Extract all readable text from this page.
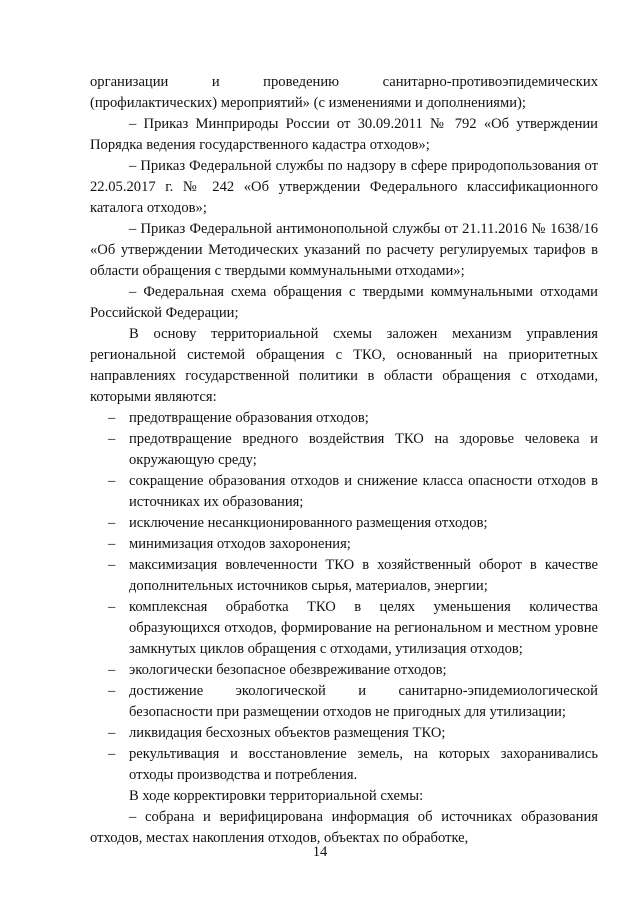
организации и проведению санитарно-противоэпидемических (профилактических) мероприятий» (с изменениями и дополнениями);
– Приказ Минприроды России от 30.09.2011 № 792 «Об утверждении Порядка ведения государственного кадастра отходов»;
– Приказ Федеральной службы по надзору в сфере природопользования от 22.05.2017 г. № 242 «Об утверждении Федерального классификационного каталога отходов»;
– Приказ Федеральной антимонопольной службы от 21.11.2016 № 1638/16 «Об утверждении Методических указаний по расчету регулируемых тарифов в области обращения с твердыми коммунальными отходами»;
– Федеральная схема обращения с твердыми коммунальными отходами Российской Федерации;
В основу территориальной схемы заложен механизм управления региональной системой обращения с ТКО, основанный на приоритетных направлениях государственной политики в области обращения с отходами, которыми являются:
– предотвращение образования отходов;
– предотвращение вредного воздействия ТКО на здоровье человека и окружающую среду;
– сокращение образования отходов и снижение класса опасности отходов в источниках их образования;
– исключение несанкционированного размещения отходов;
– минимизация отходов захоронения;
– максимизация вовлеченности ТКО в хозяйственный оборот в качестве дополнительных источников сырья, материалов, энергии;
– комплексная обработка ТКО в целях уменьшения количества образующихся отходов, формирование на региональном и местном уровне замкнутых циклов обращения с отходами, утилизация отходов;
– экологически безопасное обезвреживание отходов;
– достижение экологической и санитарно-эпидемиологической безопасности при размещении отходов не пригодных для утилизации;
– ликвидация бесхозных объектов размещения ТКО;
– рекультивация и восстановление земель, на которых захоранивались отходы производства и потребления.
В ходе корректировки территориальной схемы:
– собрана и верифицирована информация об источниках образования отходов, местах накопления отходов, объектах по обработке,
14
